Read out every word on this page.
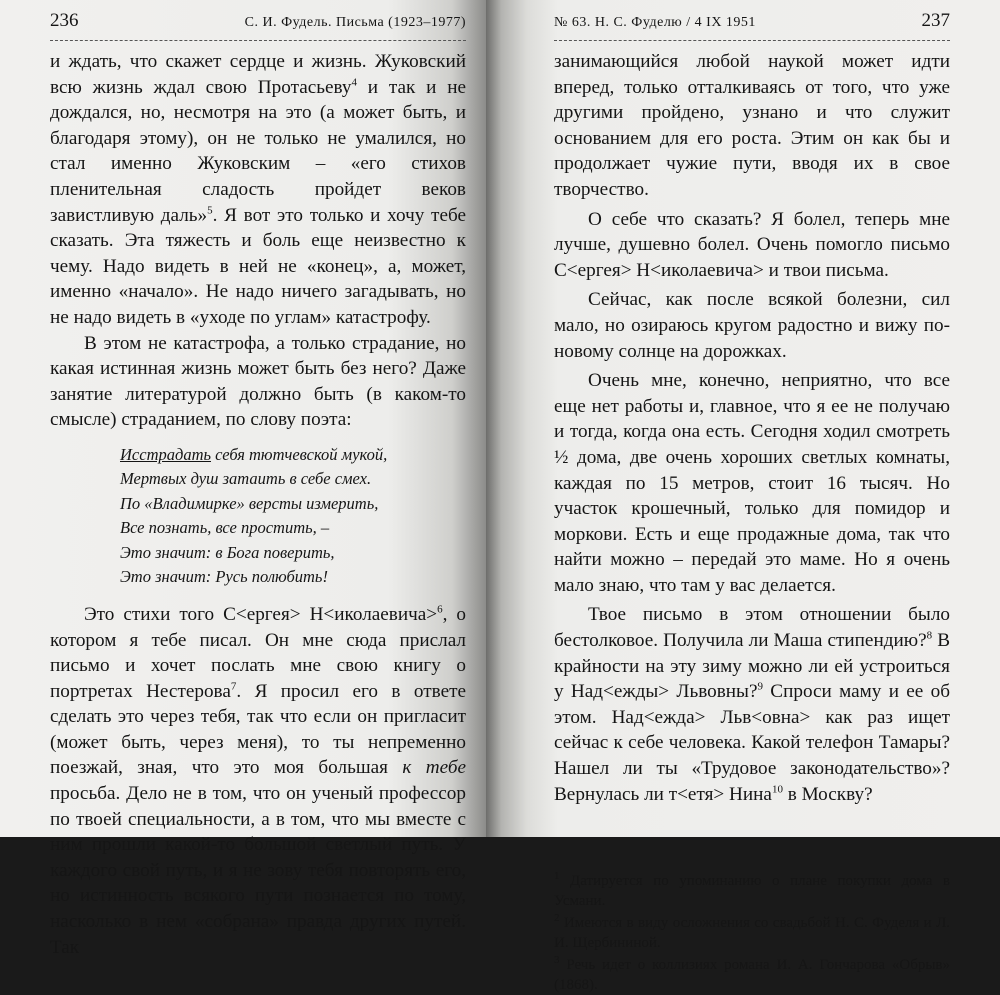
236	С. И. Фудель. Письма (1923–1977)

и ждать, что скажет сердце и жизнь. Жуковский всю жизнь ждал свою Протасьеву$^4$ и так и не дождался, но, несмотря на это (а может быть, и благодаря этому), он не только не умалился, но стал именно Жуковским – «его стихов пленительная сладость пройдет веков завистливую даль»$^5$. Я вот это только и хочу тебе сказать. Эта тяжесть и боль еще неизвестно к чему. Надо видеть в ней не «конец», а, может, именно «начало». Не надо ничего загадывать, но не надо видеть в «уходе по углам» катастрофу.

В этом не катастрофа, а только страдание, но какая истинная жизнь может быть без него? Даже занятие литературой должно быть (в каком-то смысле) страданием, по слову поэта:

Исстрадать себя тютчевской мукой,
Мертвых душ затаить в себе смех.
По «Владимирке» версты измерить,
Все познать, все простить, –
Это значит: в Бога поверить,
Это значит: Русь полюбить!

Это стихи того С<ергея> Н<иколаевича>$^6$, о котором я тебе писал. Он мне сюда прислал письмо и хочет послать мне свою книгу о портретах Нестерова$^7$. Я просил его в ответе сделать это через тебя, так что если он пригласит (может быть, через меня), то ты непременно поезжай, зная, что это моя большая к тебе просьба. Дело не в том, что он ученый профессор по твоей специальности, а в том, что мы вместе с ним прошли какой-то большой светлый путь. У каждого свой путь, и я не зову тебя повторять его, но истинность всякого пути познается по тому, насколько в нем «собрана» правда других путей. Так

№ 63. Н. С. Фуделю / 4 IX 1951	237

занимающийся любой наукой может идти вперед, только отталкиваясь от того, что уже другими пройдено, узнано и что служит основанием для его роста. Этим он как бы и продолжает чужие пути, вводя их в свое творчество.

О себе что сказать? Я болел, теперь мне лучше, душевно болел. Очень помогло письмо С<ергея> Н<иколаевича> и твои письма.

Сейчас, как после всякой болезни, сил мало, но озираюсь кругом радостно и вижу по-новому солнце на дорожках.

Очень мне, конечно, неприятно, что все еще нет работы и, главное, что я ее не получаю и тогда, когда она есть. Сегодня ходил смотреть ½ дома, две очень хороших светлых комнаты, каждая по 15 метров, стоит 16 тысяч. Но участок крошечный, только для помидор и моркови. Есть и еще продажные дома, так что найти можно – передай это маме. Но я очень мало знаю, что там у вас делается.

Твое письмо в этом отношении было бестолковое. Получила ли Маша стипендию?$^8$ В крайности на эту зиму можно ли ей устроиться у Над<ежды> Львовны?$^9$ Спроси маму и ее об этом. Над<ежда> Льв<овна> как раз ищет сейчас к себе человека. Какой телефон Тамары? Нашел ли ты «Трудовое законодательство»? Вернулась ли т<етя> Нина$^{10}$ в Москву?

$^1$ Датируется по упоминанию о плане покупки дома в Усмани.

$^2$ Имеются в виду осложнения со свадьбой Н. С. Фуделя и Л. И. Щербининой.

$^3$ Речь идет о коллизиях романа И. А. Гончарова «Обрыв» (1868).
